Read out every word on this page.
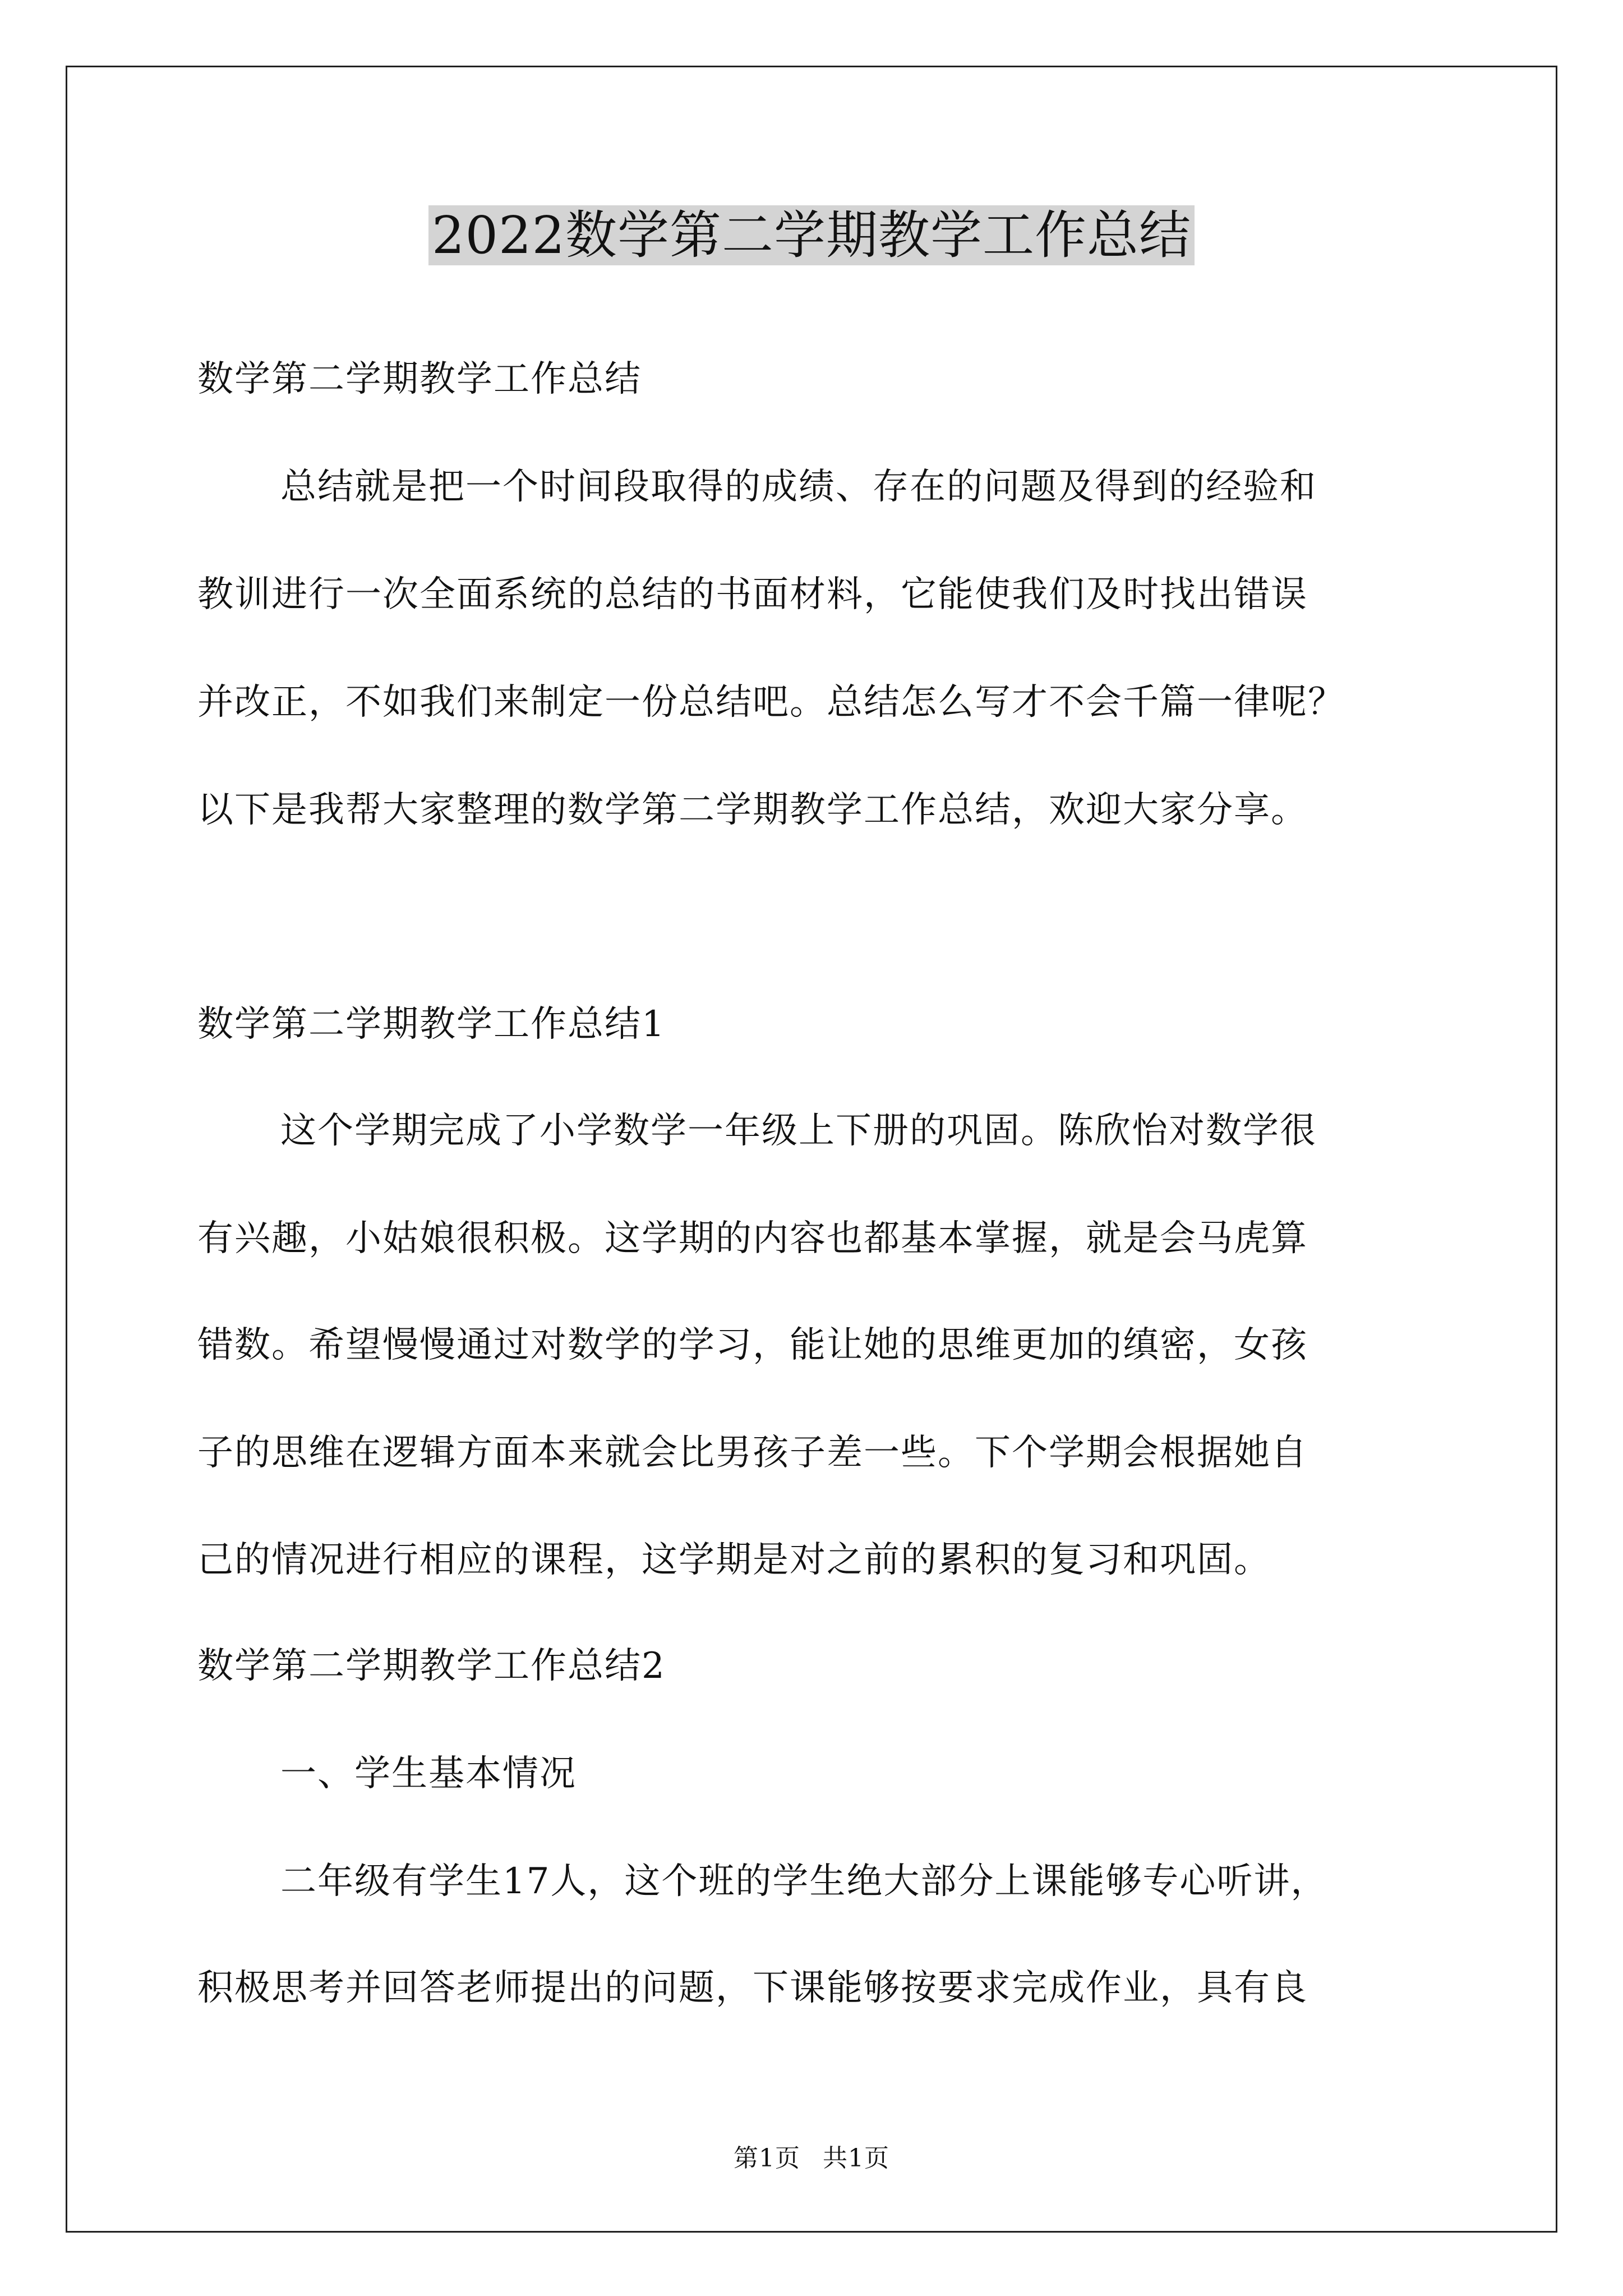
2022数学第二学期教学工作总结
数学第二学期教学工作总结
总结就是把一个时间段取得的成绩、存在的问题及得到的经验和
教训进行一次全面系统的总结的书面材料，它能使我们及时找出错误
并改正，不如我们来制定一份总结吧。总结怎么写才不会千篇一律呢？
以下是我帮大家整理的数学第二学期教学工作总结，欢迎大家分享。
数学第二学期教学工作总结1
这个学期完成了小学数学一年级上下册的巩固。陈欣怡对数学很
有兴趣，小姑娘很积极。这学期的内容也都基本掌握，就是会马虎算
错数。希望慢慢通过对数学的学习，能让她的思维更加的缜密，女孩
子的思维在逻辑方面本来就会比男孩子差一些。下个学期会根据她自
己的情况进行相应的课程，这学期是对之前的累积的复习和巩固。
数学第二学期教学工作总结2
一、学生基本情况
二年级有学生17人，这个班的学生绝大部分上课能够专心听讲，
积极思考并回答老师提出的问题，下课能够按要求完成作业，具有良
第1页 共1页
